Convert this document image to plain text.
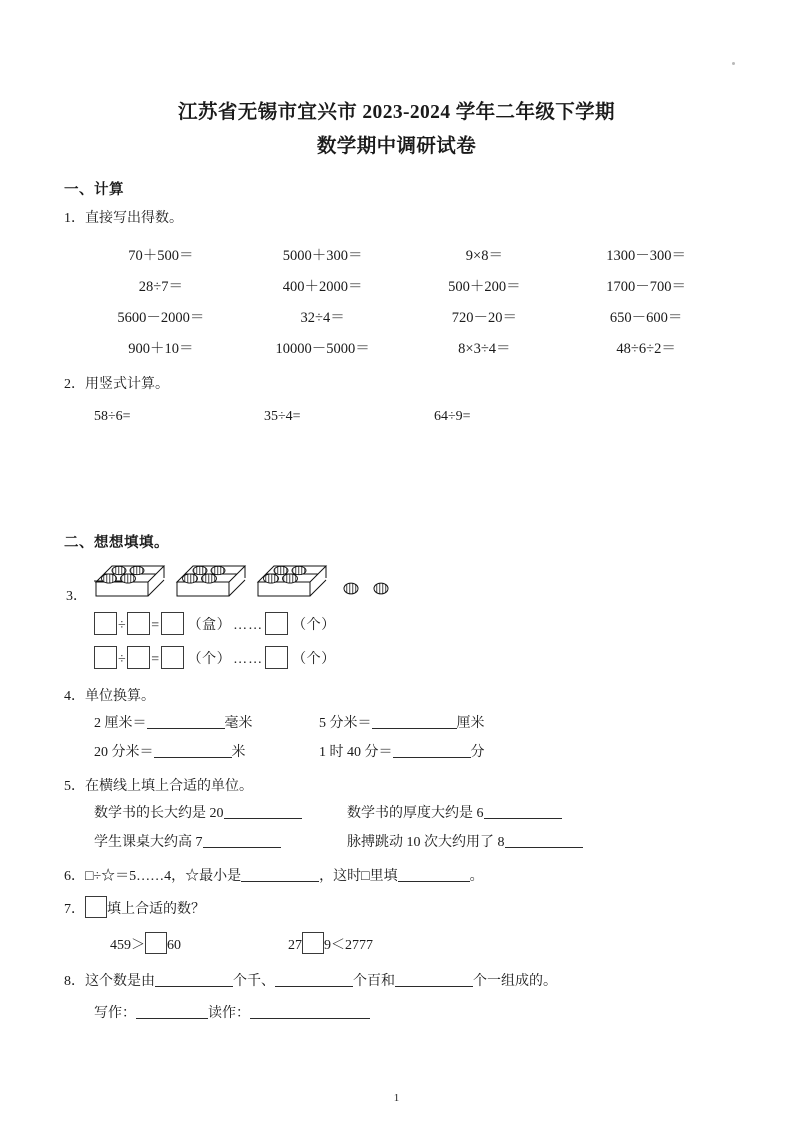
江苏省无锡市宜兴市 2023-2024 学年二年级下学期
数学期中调研试卷
一、计算
1．直接写出得数。
70＋500＝	5000＋300＝	9×8＝	1300－300＝
28÷7＝	400＋2000＝	500＋200＝	1700－700＝
5600－2000＝	32÷4＝	720－20＝	650－600＝
900＋10＝	10000－5000＝	8×3÷4＝	48÷6÷2＝
2．用竖式计算。
58÷6=	35÷4=	64÷9=
二、想想填填。
3．
÷ = （盒） …… （个）
÷ = （个） …… （个）
4．单位换算。
2 厘米＝	毫米	5 分米＝	厘米
20 分米＝	米	1 时 40 分＝	分
5．在横线上填上合适的单位。
数学书的长大约是 20	数学书的厚度大约是 6
学生课桌大约高 7	脉搏跳动 10 次大约用了 8
6．□÷☆＝5……4，☆最小是	，这时□里填	。
7． 填上合适的数？
459＞ 60	27 9＜2777
8．这个数是由	个千、	个百和	个一组成的。
写作：	读作：
1
